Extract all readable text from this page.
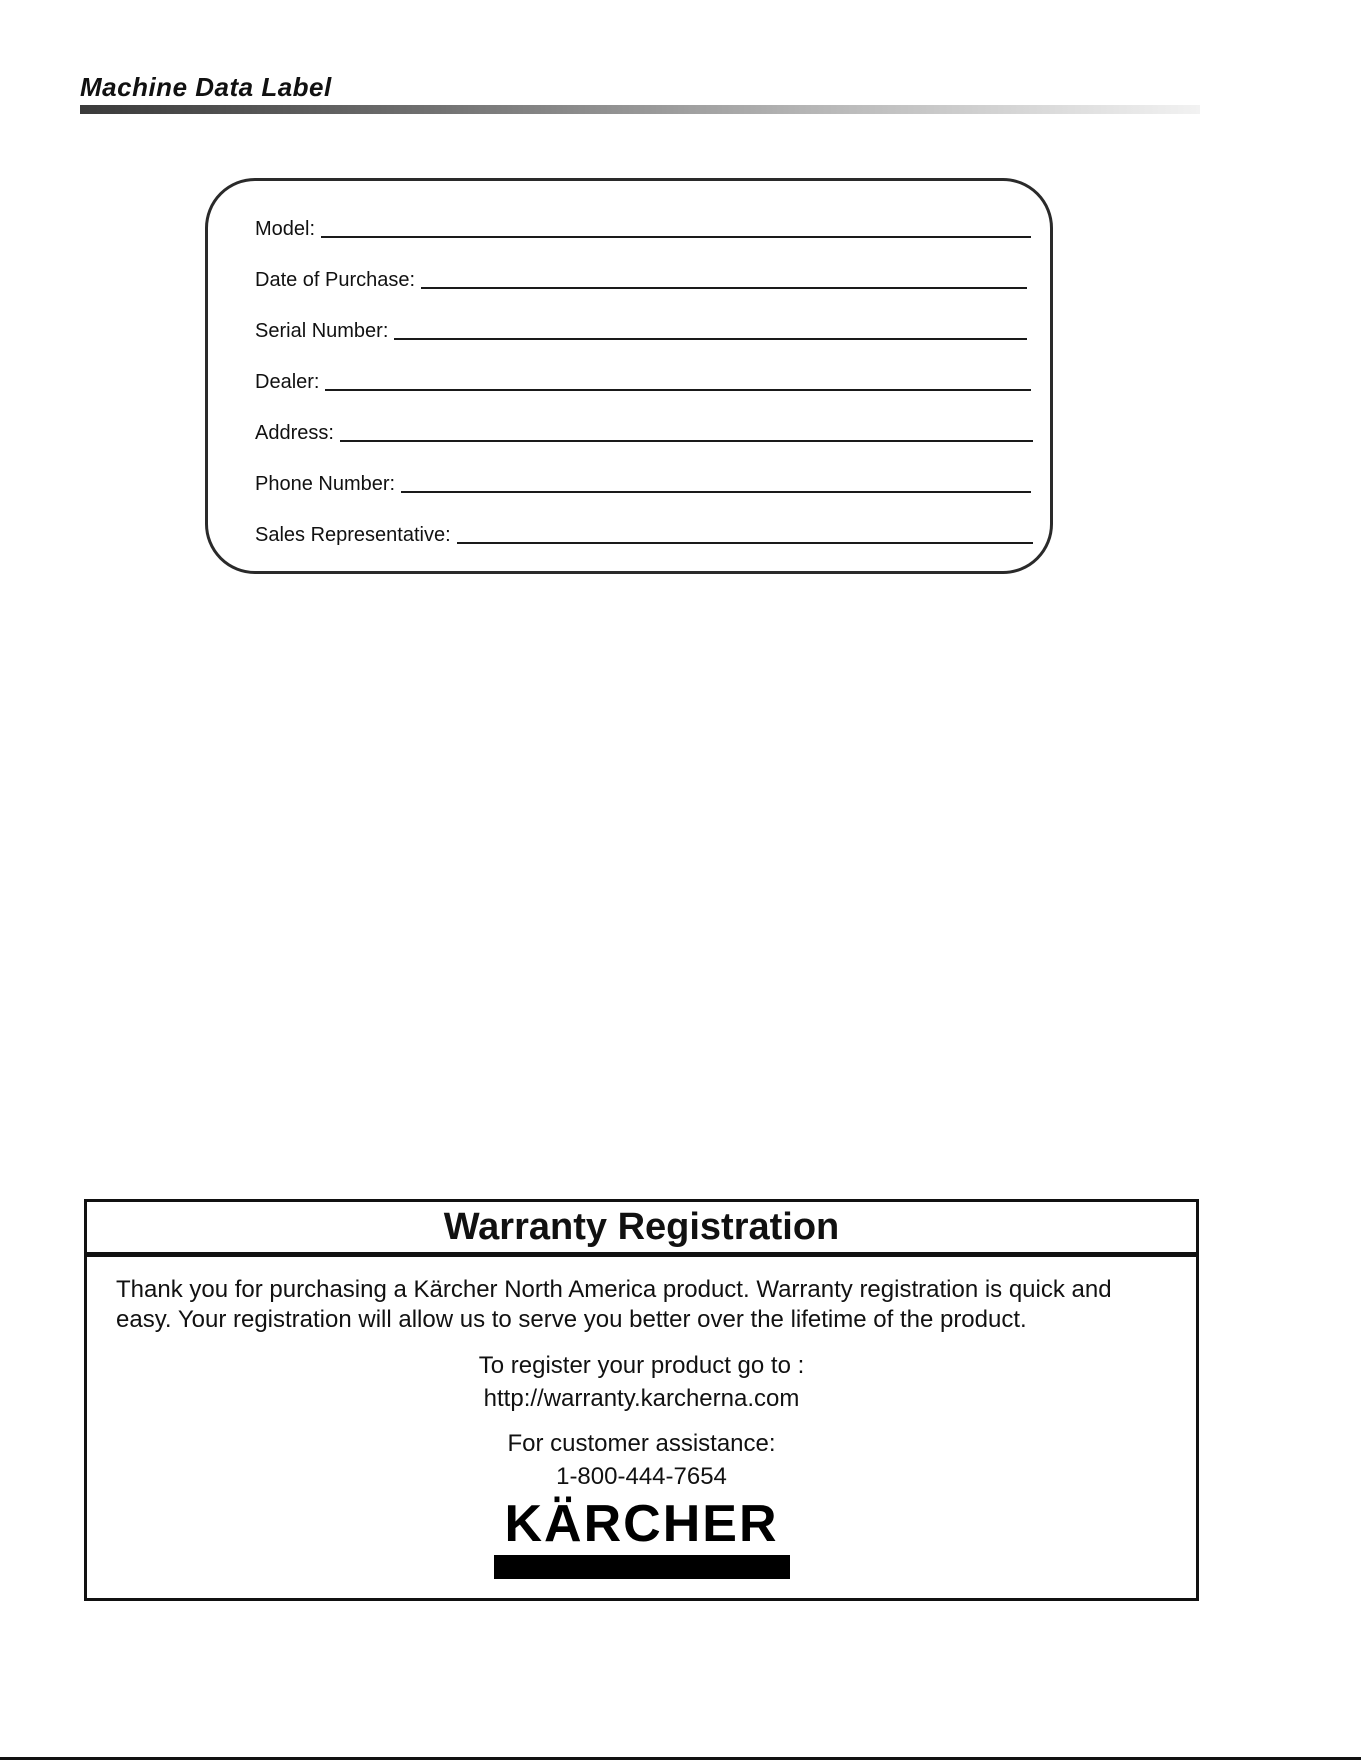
Machine Data Label
Model:
Date of Purchase:
Serial Number:
Dealer:
Address:
Phone Number:
Sales Representative:
Warranty Registration
Thank you for purchasing a Kärcher North America product. Warranty registration is quick and easy. Your registration will allow us to serve you better over the lifetime of the product.
To register your product go to :
http://warranty.karcherna.com
For customer assistance:
1-800-444-7654
KÄRCHER
